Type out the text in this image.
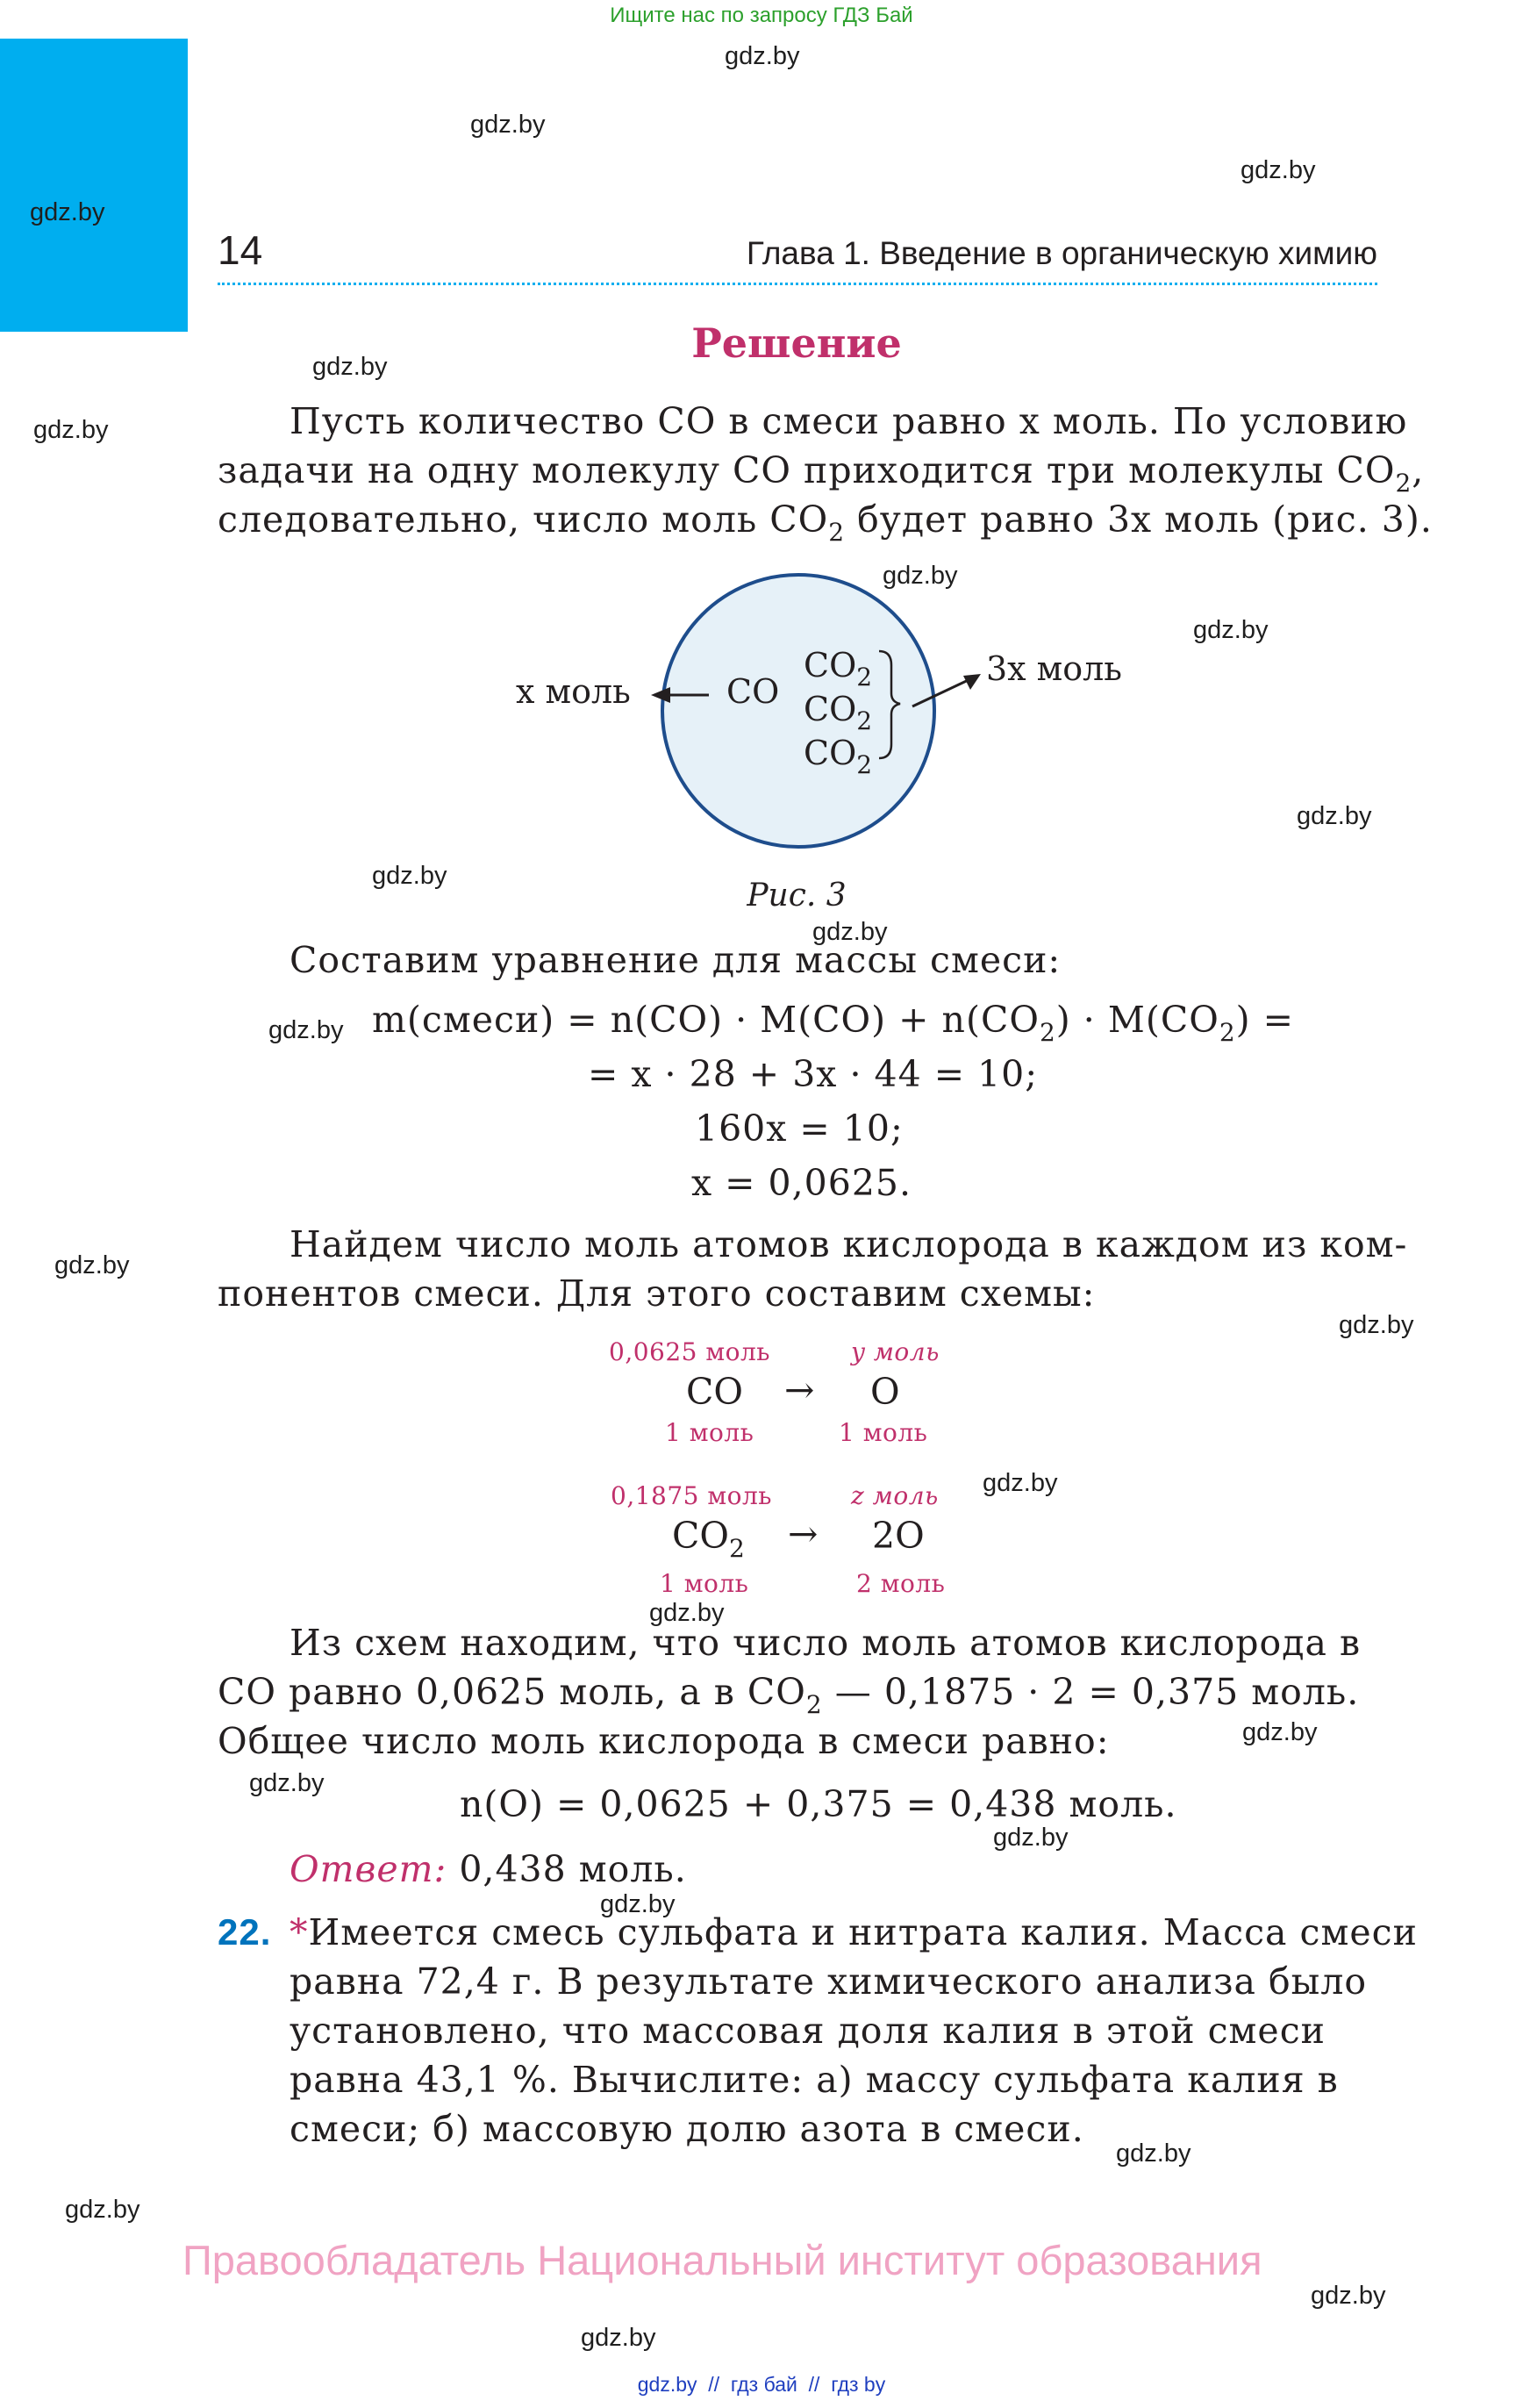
Ищите нас по запросу ГДЗ Бай
gdz.by
gdz.by
gdz.by
gdz.by
gdz.by
gdz.by
gdz.by
gdz.by
gdz.by
gdz.by
gdz.by
gdz.by
gdz.by
gdz.by
gdz.by
gdz.by
gdz.by
gdz.by
gdz.by
gdz.by
gdz.by
gdz.by
gdz.by
gdz.by
14	Глава 1. Введение в органическую химию
Решение
Пусть количество CO в смеси равно x моль. По условию
задачи на одну молекулу CO приходится три молекулы $CO_2$,
следовательно, число моль $CO_2$ будет равно 3x моль (рис. 3).
x моль	CO
$CO_2$
$CO_2$
$CO_2$
3x моль
Рис. 3
Составим уравнение для массы смеси:
m(смеси) = $n(CO) \cdot M(CO) + n(CO_2) \cdot M(CO_2)$ =
= x · 28 + 3x · 44 = 10;
160x = 10;
x = 0,0625.
Найдем число моль атомов кислорода в каждом из ком-
понентов смеси. Для этого составим схемы:
0,0625 моль	y моль
CO → O
1 моль	1 моль
0,1875 моль	z моль
$CO_2 \to 2O$
1 моль	2 моль
Из схем находим, что число моль атомов кислорода в
CO равно 0,0625 моль, а в $CO_2$ — 0,1875 · 2 = 0,375 моль.
Общее число моль кислорода в смеси равно:
n(O) = 0,0625 + 0,375 = 0,438 моль.
Ответ: 0,438 моль.
22. *Имеется смесь сульфата и нитрата калия. Масса смеси
равна 72,4 г. В результате химического анализа было
установлено, что массовая доля калия в этой смеси
равна 43,1 %. Вычислите: а) массу сульфата калия в
смеси; б) массовую долю азота в смеси.
Правообладатель Национальный институт образования
gdz.by  //  гдз бай  //  гдз by
